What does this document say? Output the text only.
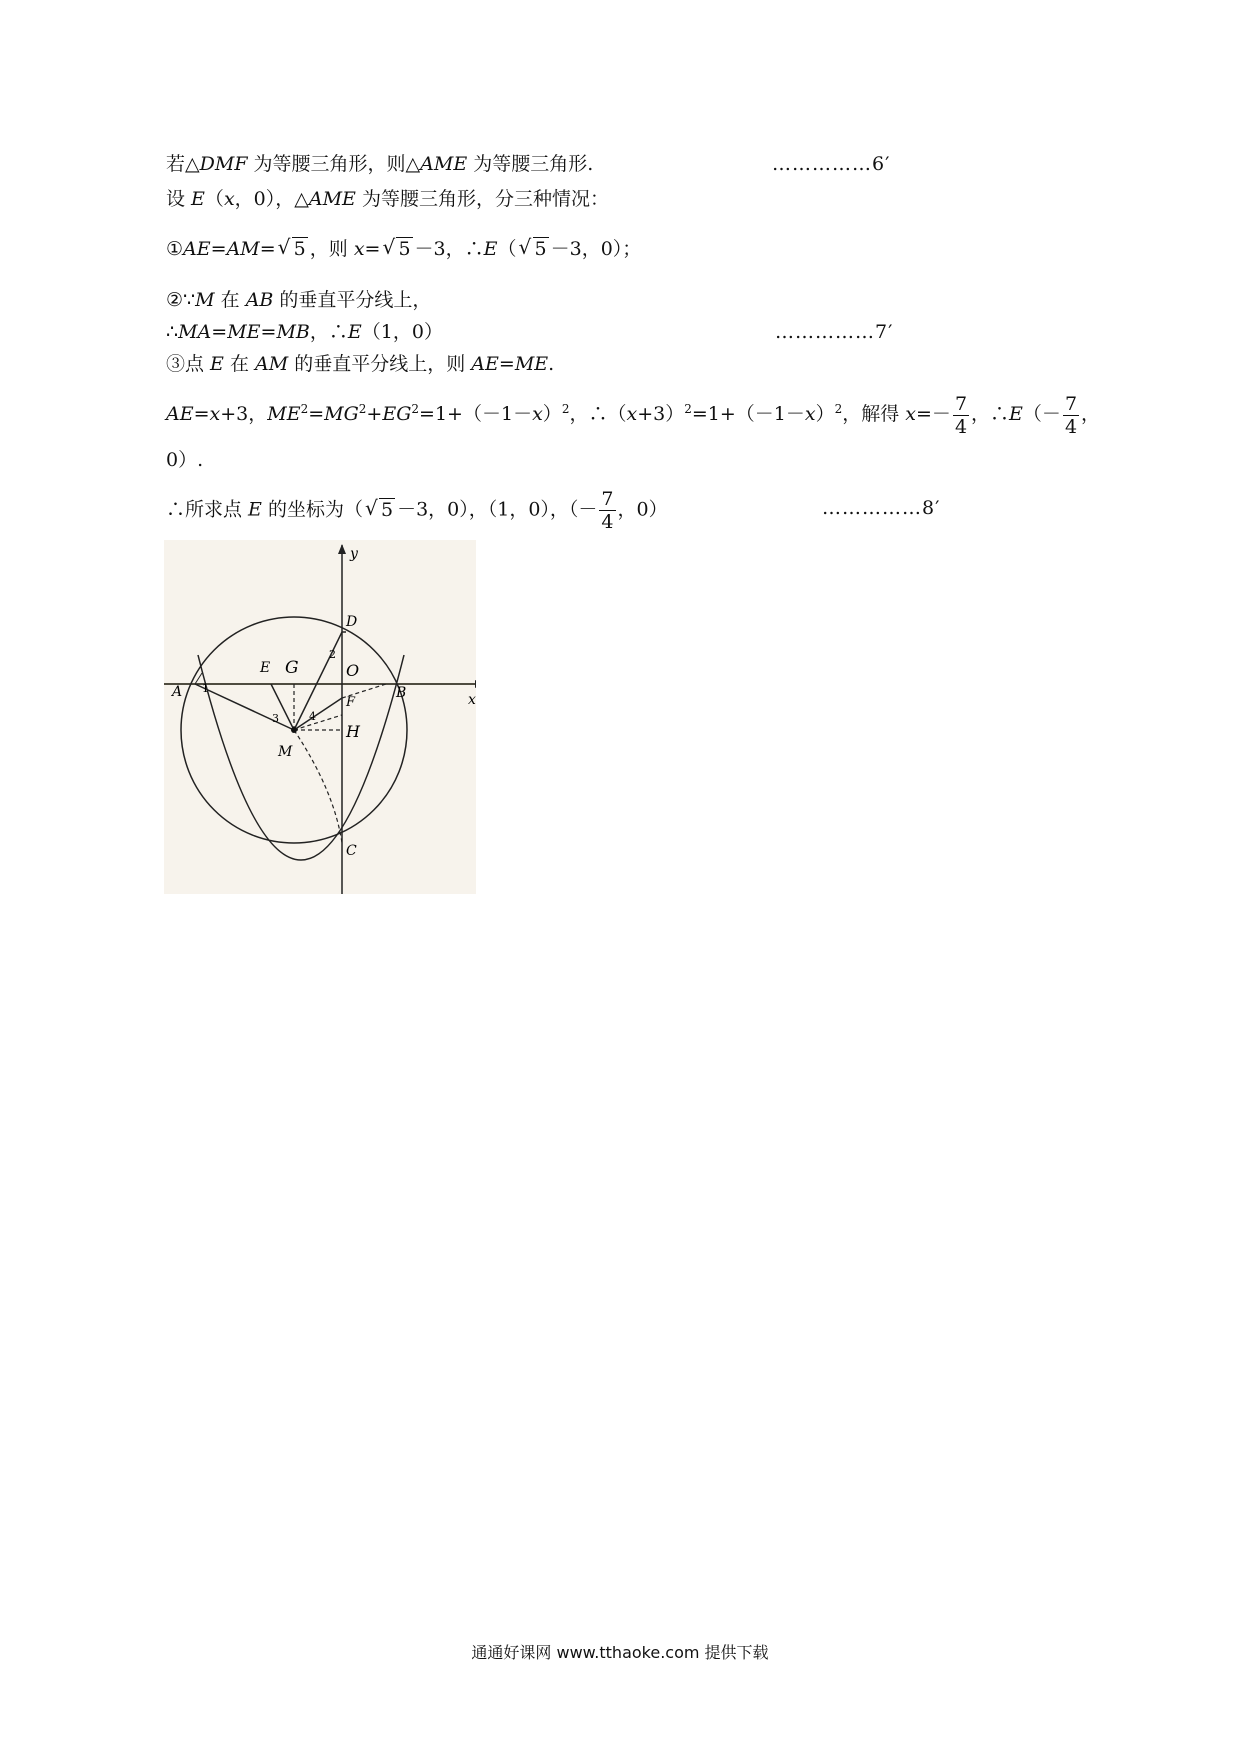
若△DMF 为等腰三角形，则△AME 为等腰三角形.	……………6′
设 E（x，0），△AME 为等腰三角形，分三种情况：
①AE=AM= √ 5 ，则 x= √ 5 －3，∴E（ √ 5 －3，0）；
②∵M 在 AB 的垂直平分线上，
∴MA=ME=MB，∴E（1，0）	……………7′
③点 E 在 AM 的垂直平分线上，则 AE=ME.
AE=x+3，$ME^2=MG^2+EG^2=1+(-1-x)^2$，$\therefore(x+3)^2=1+(-1-x)^2$，解得 $x=- \frac{7}{4}$ ，∴E（－ $\frac{7}{4}$ ，
0）.
∴所求点 E 的坐标为（ √ 5 －3，0），（1，0），（－ $\frac{7}{4}$ ，0）	……………8′
x
y
A	B
C
D
E G	O
F
H
M
1
2
3	4
通通好课网 www.tthaoke.com 提供下载
